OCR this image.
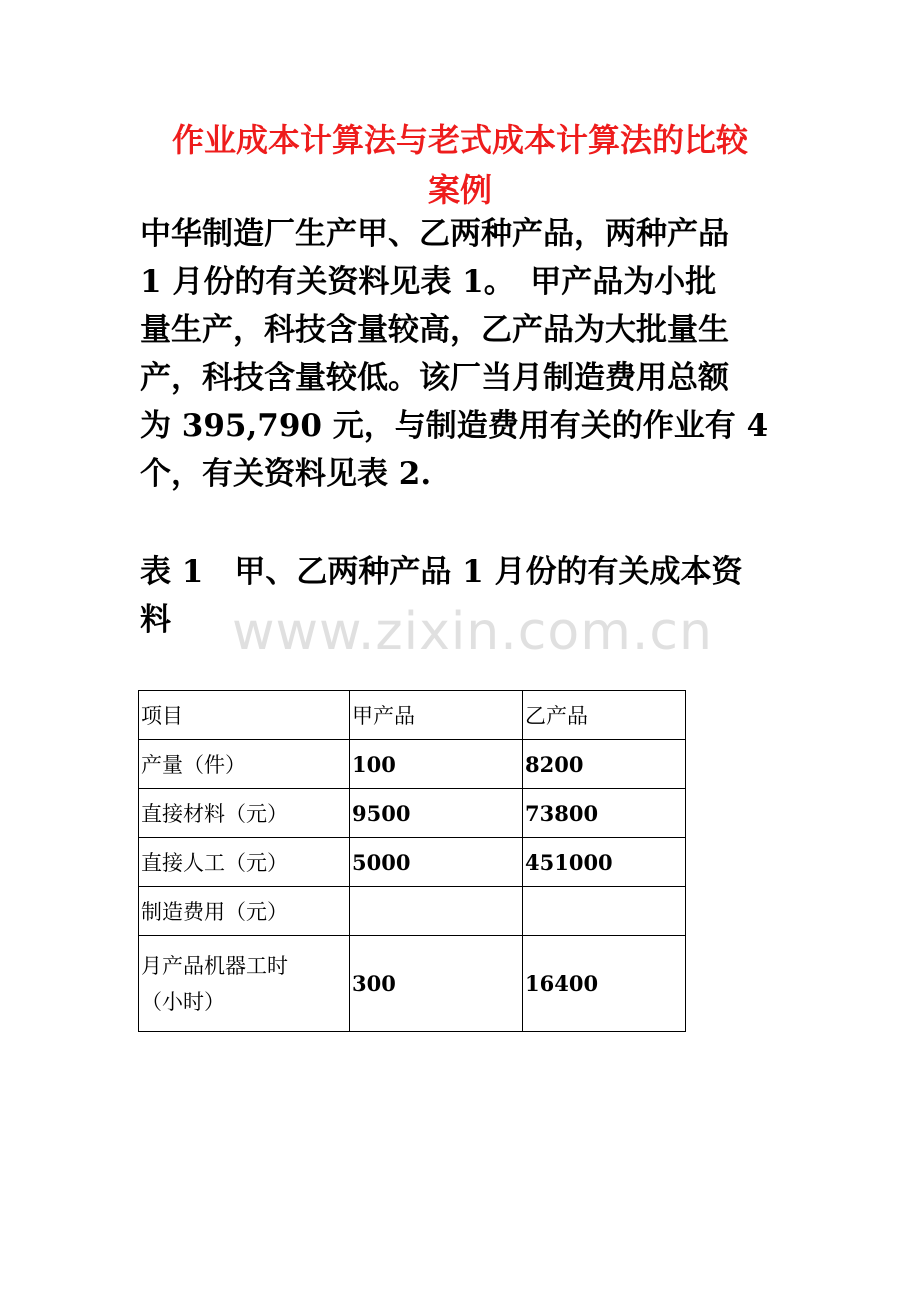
作业成本计算法与老式成本计算法的比较
案例

中华制造厂生产甲、乙两种产品，两种产品
1 月份的有关资料见表 1。　甲产品为小批
量生产，科技含量较高，乙产品为大批量生
产，科技含量较低。该厂当月制造费用总额
为 395,790 元，与制造费用有关的作业有 4
个，有关资料见表 2.

表 1　甲、乙两种产品 1 月份的有关成本资
料	www.zixin.com.cn
项目	甲产品	乙产品
产量（件）	100	8200
直接材料（元）	9500	73800
直接人工（元）	5000	451000
制造费用（元）		
月产品机器工时
（小时）	300	16400
